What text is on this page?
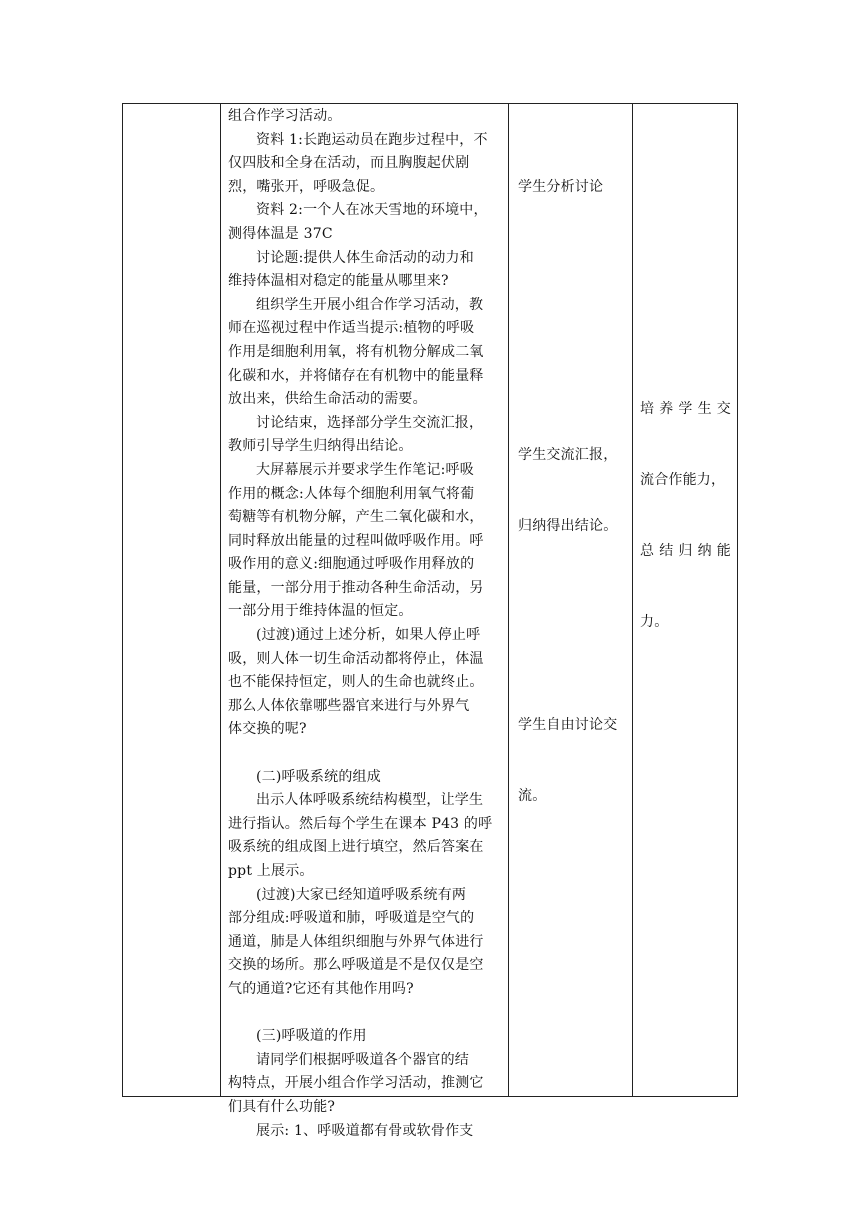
组合作学习活动。
资料 1:长跑运动员在跑步过程中，不
仅四肢和全身在活动，而且胸腹起伏剧
烈，嘴张开，呼吸急促。
资料 2:一个人在冰天雪地的环境中，
测得体温是 37C
讨论题:提供人体生命活动的动力和
维持体温相对稳定的能量从哪里来?
组织学生开展小组合作学习活动，教
师在巡视过程中作适当提示:植物的呼吸
作用是细胞利用氧，将有机物分解成二氧
化碳和水，并将储存在有机物中的能量释
放出来，供给生命活动的需要。
讨论结束，选择部分学生交流汇报，
教师引导学生归纳得出结论。
大屏幕展示并要求学生作笔记:呼吸
作用的概念:人体每个细胞利用氧气将葡
萄糖等有机物分解，产生二氧化碳和水，
同时释放出能量的过程叫做呼吸作用。呼
吸作用的意义:细胞通过呼吸作用释放的
能量，一部分用于推动各种生命活动，另
一部分用于维持体温的恒定。
(过渡)通过上述分析，如果人停止呼
吸，则人体一切生命活动都将停止，体温
也不能保持恒定，则人的生命也就终止。
那么人体依靠哪些器官来进行与外界气
体交换的呢?
(二)呼吸系统的组成
出示人体呼吸系统结构模型，让学生
进行指认。然后每个学生在课本 P43 的呼
吸系统的组成图上进行填空，然后答案在
ppt 上展示。
(过渡)大家已经知道呼吸系统有两
部分组成:呼吸道和肺，呼吸道是空气的
通道，肺是人体组织细胞与外界气体进行
交换的场所。那么呼吸道是不是仅仅是空
气的通道?它还有其他作用吗?
(三)呼吸道的作用
请同学们根据呼吸道各个器官的结
构特点，开展小组合作学习活动，推测它
们具有什么功能?
展示: 1、呼吸道都有骨或软骨作支

学生分析讨论

学生交流汇报，

归纳得出结论。

学生自由讨论交

流。

培 养 学 生 交

流合作能力，

总 结 归 纳 能

力。
